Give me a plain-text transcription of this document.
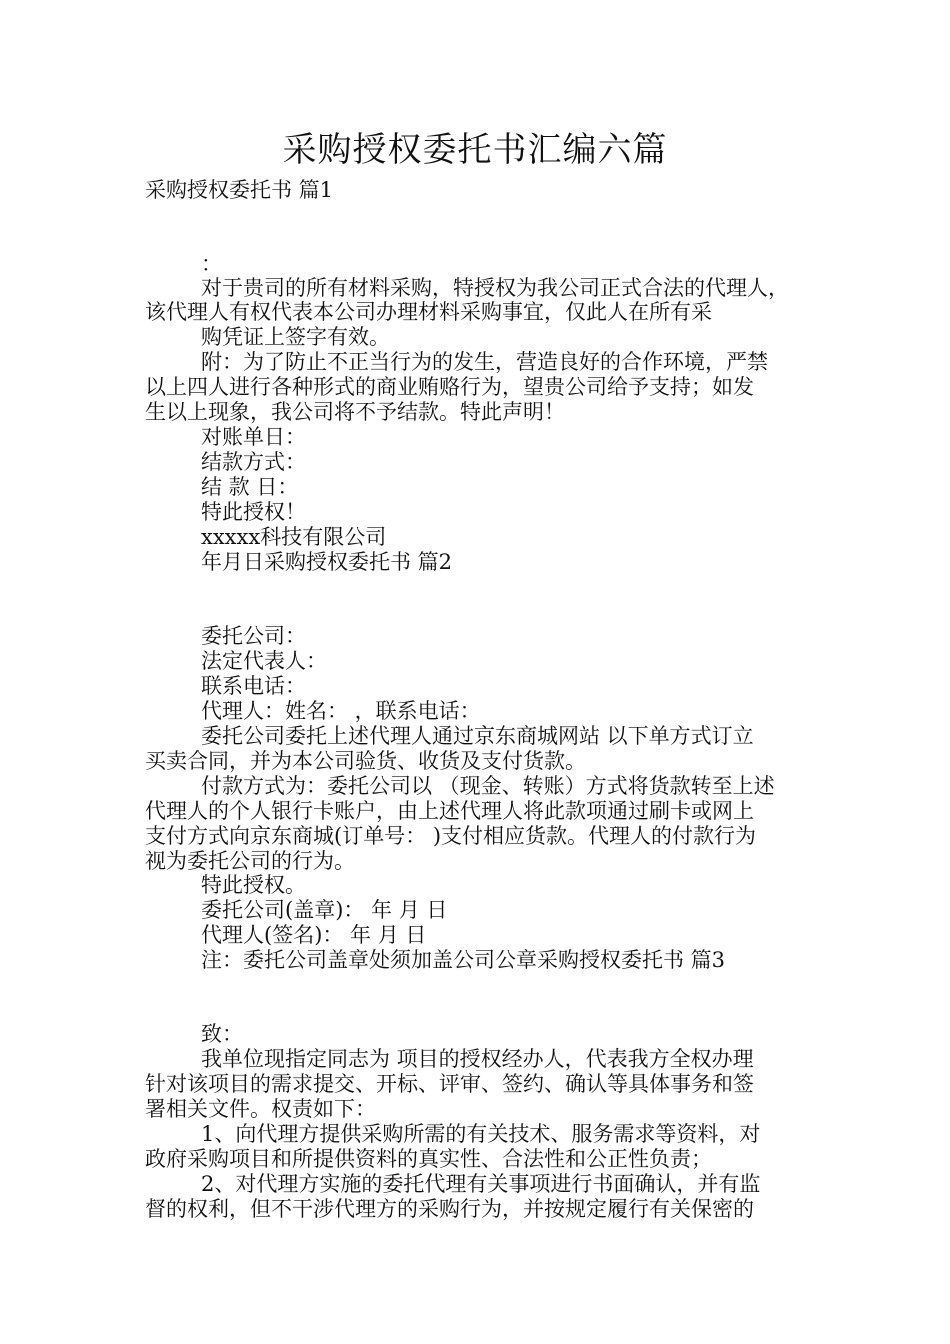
采购授权委托书汇编六篇
采购授权委托书 篇1
：
对于贵司的所有材料采购，特授权为我公司正式合法的代理人，
该代理人有权代表本公司办理材料采购事宜，仅此人在所有采
购凭证上签字有效。
附：为了防止不正当行为的发生，营造良好的合作环境，严禁
以上四人进行各种形式的商业贿赂行为，望贵公司给予支持；如发
生以上现象，我公司将不予结款。特此声明！
对账单日：
结款方式：
结 款 日：
特此授权！
xxxxx科技有限公司
年月日采购授权委托书 篇2
委托公司：
法定代表人：
联系电话：
代理人：姓名： ，联系电话：
委托公司委托上述代理人通过京东商城网站 以下单方式订立
买卖合同，并为本公司验货、收货及支付货款。
付款方式为：委托公司以 （现金、转账）方式将货款转至上述
代理人的个人银行卡账户，由上述代理人将此款项通过刷卡或网上
支付方式向京东商城(订单号： )支付相应货款。代理人的付款行为
视为委托公司的行为。
特此授权。
委托公司(盖章)： 年 月 日
代理人(签名)： 年 月 日
注：委托公司盖章处须加盖公司公章采购授权委托书 篇3
致：
我单位现指定同志为 项目的授权经办人，代表我方全权办理
针对该项目的需求提交、开标、评审、签约、确认等具体事务和签
署相关文件。权责如下：
1、向代理方提供采购所需的有关技术、服务需求等资料，对
政府采购项目和所提供资料的真实性、合法性和公正性负责；
2、对代理方实施的委托代理有关事项进行书面确认，并有监
督的权利，但不干涉代理方的采购行为，并按规定履行有关保密的
